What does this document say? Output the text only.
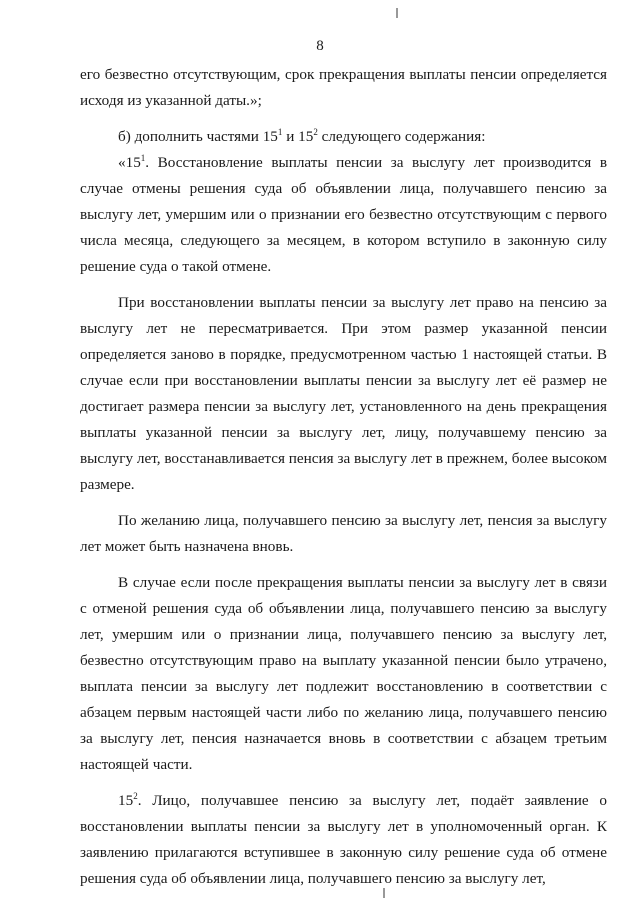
8

его безвестно отсутствующим, срок прекращения выплаты пенсии определяется исходя из указанной даты.»;

б) дополнить частями $15^1$ и $15^2$ следующего содержания:

«$15^1$. Восстановление выплаты пенсии за выслугу лет производится в случае отмены решения суда об объявлении лица, получавшего пенсию за выслугу лет, умершим или о признании его безвестно отсутствующим с первого числа месяца, следующего за месяцем, в котором вступило в законную силу решение суда о такой отмене.

При восстановлении выплаты пенсии за выслугу лет право на пенсию за выслугу лет не пересматривается. При этом размер указанной пенсии определяется заново в порядке, предусмотренном частью 1 настоящей статьи. В случае если при восстановлении выплаты пенсии за выслугу лет её размер не достигает размера пенсии за выслугу лет, установленного на день прекращения выплаты указанной пенсии за выслугу лет, лицу, получавшему пенсию за выслугу лет, восстанавливается пенсия за выслугу лет в прежнем, более высоком размере.

По желанию лица, получавшего пенсию за выслугу лет, пенсия за выслугу лет может быть назначена вновь.

В случае если после прекращения выплаты пенсии за выслугу лет в связи с отменой решения суда об объявлении лица, получавшего пенсию за выслугу лет, умершим или о признании лица, получавшего пенсию за выслугу лет, безвестно отсутствующим право на выплату указанной пенсии было утрачено, выплата пенсии за выслугу лет подлежит восстановлению в соответствии с абзацем первым настоящей части либо по желанию лица, получавшего пенсию за выслугу лет, пенсия назначается вновь в соответствии с абзацем третьим настоящей части.

$15^2$. Лицо, получавшее пенсию за выслугу лет, подаёт заявление о восстановлении выплаты пенсии за выслугу лет в уполномоченный орган. К заявлению прилагаются вступившее в законную силу решение суда об отмене решения суда об объявлении лица, получавшего пенсию за выслугу лет,
